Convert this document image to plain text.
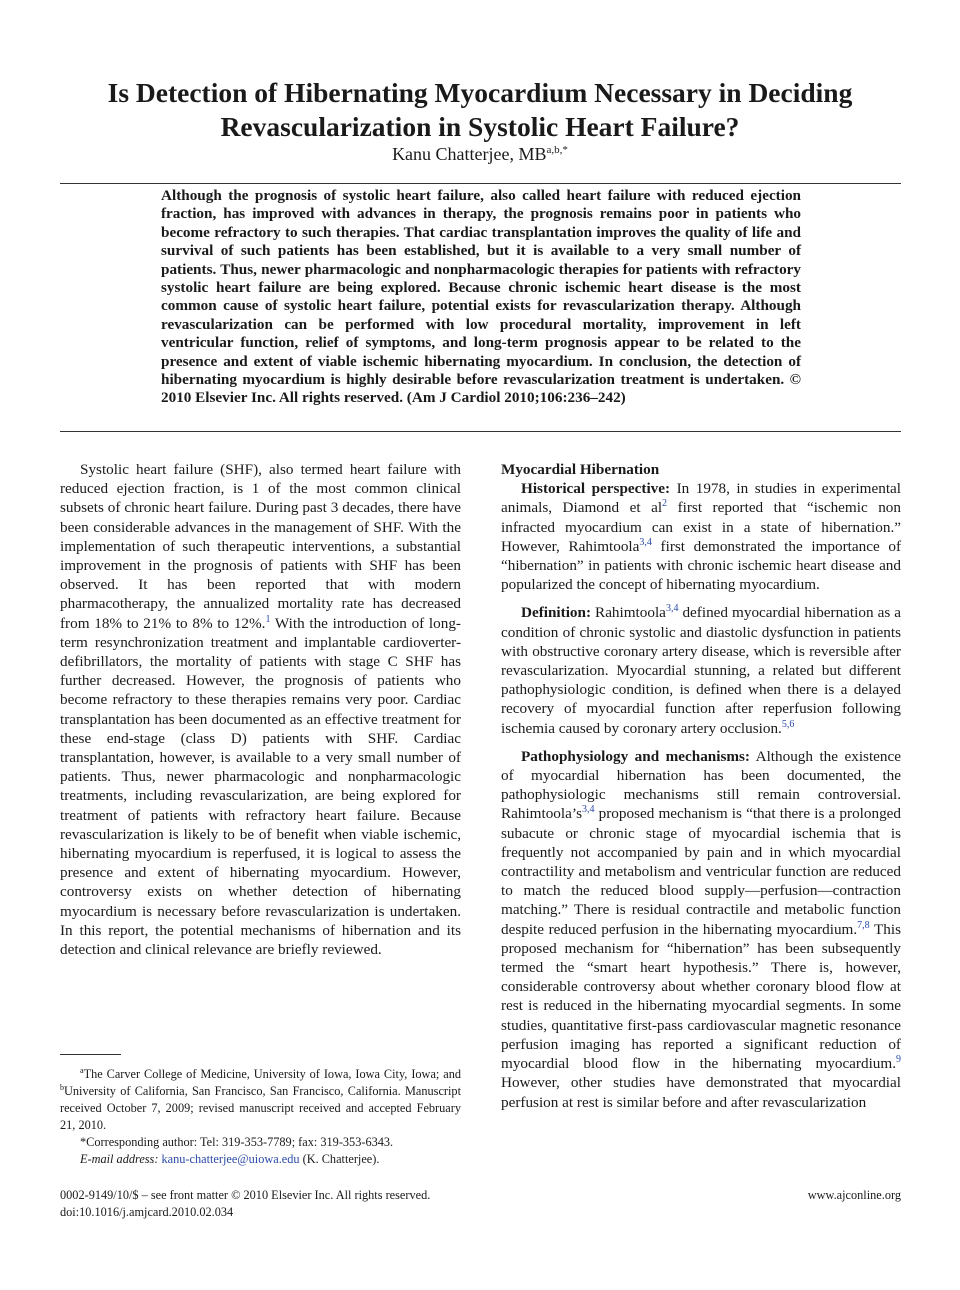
Is Detection of Hibernating Myocardium Necessary in Deciding Revascularization in Systolic Heart Failure?
Kanu Chatterjee, $MB^{a,b,*}$

Although the prognosis of systolic heart failure, also called heart failure with reduced ejection fraction, has improved with advances in therapy, the prognosis remains poor in patients who become refractory to such therapies. That cardiac transplantation improves the quality of life and survival of such patients has been established, but it is available to a very small number of patients. Thus, newer pharmacologic and nonpharmacologic therapies for patients with refractory systolic heart failure are being explored. Because chronic ischemic heart disease is the most common cause of systolic heart failure, potential exists for revascularization therapy. Although revascularization can be performed with low procedural mortality, improvement in left ventricular function, relief of symptoms, and long-term prognosis appear to be related to the presence and extent of viable ischemic hibernating myocardium. In conclusion, the detection of hibernating myocardium is highly desirable before revascularization treatment is undertaken. © 2010 Elsevier Inc. All rights reserved. (Am J Cardiol 2010;106:236–242)

Systolic heart failure (SHF), also termed heart failure with reduced ejection fraction, is 1 of the most common clinical subsets of chronic heart failure. During past 3 decades, there have been considerable advances in the management of SHF. With the implementation of such therapeutic interventions, a substantial improvement in the prognosis of patients with SHF has been observed. It has been reported that with modern pharmacotherapy, the annualized mortality rate has decreased from 18% to 21% to 8% to 12%.$^1$ With the introduction of long-term resynchronization treatment and implantable cardioverter-defibrillators, the mortality of patients with stage C SHF has further decreased. However, the prognosis of patients who become refractory to these therapies remains very poor. Cardiac transplantation has been documented as an effective treatment for these end-stage (class D) patients with SHF. Cardiac transplantation, however, is available to a very small number of patients. Thus, newer pharmacologic and nonpharmacologic treatments, including revascularization, are being explored for treatment of patients with refractory heart failure. Because revascularization is likely to be of benefit when viable ischemic, hibernating myocardium is reperfused, it is logical to assess the presence and extent of hibernating myocardium. However, controversy exists on whether detection of hibernating myocardium is necessary before revascularization is undertaken. In this report, the potential mechanisms of hibernation and its detection and clinical relevance are briefly reviewed.

Myocardial Hibernation

Historical perspective: In 1978, in studies in experimental animals, Diamond et al$^2$ first reported that “ischemic non infracted myocardium can exist in a state of hibernation.” However, Rahimtoola$^{3,4}$ first demonstrated the importance of “hibernation” in patients with chronic ischemic heart disease and popularized the concept of hibernating myocardium.

Definition: Rahimtoola$^{3,4}$ defined myocardial hibernation as a condition of chronic systolic and diastolic dysfunction in patients with obstructive coronary artery disease, which is reversible after revascularization. Myocardial stunning, a related but different pathophysiologic condition, is defined when there is a delayed recovery of myocardial function after reperfusion following ischemia caused by coronary artery occlusion.$^{5,6}$

Pathophysiology and mechanisms: Although the existence of myocardial hibernation has been documented, the pathophysiologic mechanisms still remain controversial. Rahimtoola’s$^{3,4}$ proposed mechanism is “that there is a prolonged subacute or chronic stage of myocardial ischemia that is frequently not accompanied by pain and in which myocardial contractility and metabolism and ventricular function are reduced to match the reduced blood supply—perfusion—contraction matching.” There is residual contractile and metabolic function despite reduced perfusion in the hibernating myocardium.$^{7,8}$ This proposed mechanism for “hibernation” has been subsequently termed the “smart heart hypothesis.” There is, however, considerable controversy about whether coronary blood flow at rest is reduced in the hibernating myocardial segments. In some studies, quantitative first-pass cardiovascular magnetic resonance perfusion imaging has reported a significant reduction of myocardial blood flow in the hibernating myocardium.$^9$ However, other studies have demonstrated that myocardial perfusion at rest is similar before and after revascularization

$^a$The Carver College of Medicine, University of Iowa, Iowa City, Iowa; and $^b$University of California, San Francisco, San Francisco, California. Manuscript received October 7, 2009; revised manuscript received and accepted February 21, 2010.

*Corresponding author: Tel: 319-353-7789; fax: 319-353-6343.

E-mail address: kanu-chatterjee@uiowa.edu (K. Chatterjee).

0002-9149/10/$ – see front matter © 2010 Elsevier Inc. All rights reserved.
doi:10.1016/j.amjcard.2010.02.034
www.ajconline.org
